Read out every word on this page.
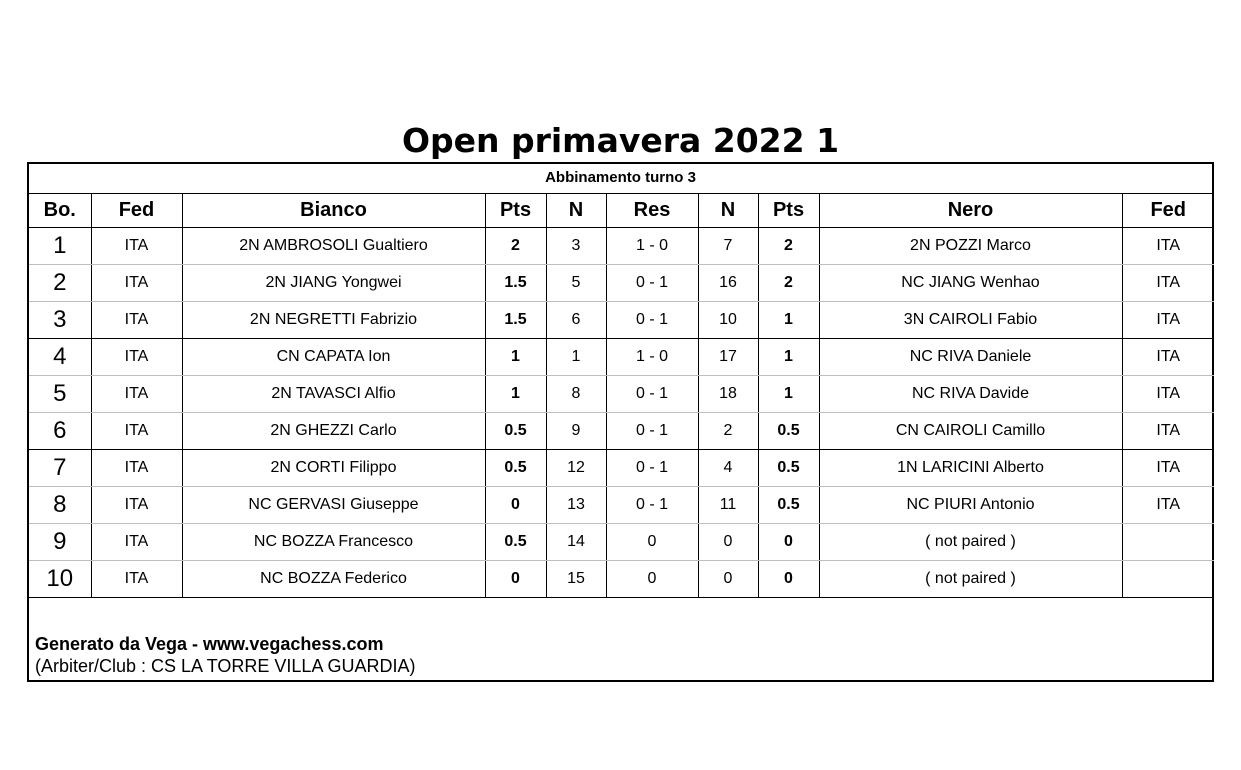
Open primavera 2022 1
Abbinamento turno 3
Bo.	Fed	Bianco	Pts	N	Res	N	Pts	Nero	Fed
1	ITA	2N AMBROSOLI Gualtiero	2	3	1 - 0	7	2	2N POZZI Marco	ITA
2	ITA	2N JIANG Yongwei	1.5	5	0 - 1	16	2	NC JIANG Wenhao	ITA
3	ITA	2N NEGRETTI Fabrizio	1.5	6	0 - 1	10	1	3N CAIROLI Fabio	ITA
4	ITA	CN CAPATA Ion	1	1	1 - 0	17	1	NC RIVA Daniele	ITA
5	ITA	2N TAVASCI Alfio	1	8	0 - 1	18	1	NC RIVA Davide	ITA
6	ITA	2N GHEZZI Carlo	0.5	9	0 - 1	2	0.5	CN CAIROLI Camillo	ITA
7	ITA	2N CORTI Filippo	0.5	12	0 - 1	4	0.5	1N LARICINI Alberto	ITA
8	ITA	NC GERVASI Giuseppe	0	13	0 - 1	11	0.5	NC PIURI Antonio	ITA
9	ITA	NC BOZZA Francesco	0.5	14	0	0	0	( not paired )	
10	ITA	NC BOZZA Federico	0	15	0	0	0	( not paired )	
Generato da Vega - www.vegachess.com
(Arbiter/Club : CS LA TORRE VILLA GUARDIA)
